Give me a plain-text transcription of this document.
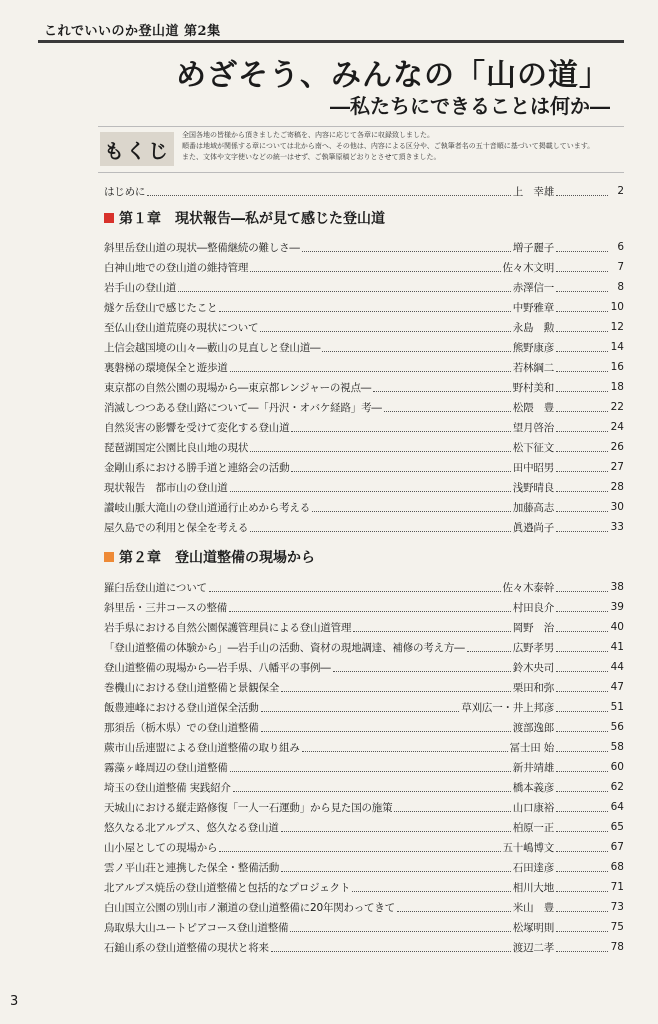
これでいいのか登山道 第2集
めざそう、みんなの「山の道」
―私たちにできることは何か―
もくじ
全国各地の皆様から頂きましたご寄稿を、内容に応じて各章に収録致しました。
順番は地域が関係する章については北から南へ、その他は、内容による区分や、ご執筆者名の五十音順に基づいて掲載しています。
また、文体や文字使いなどの統一はせず、ご執筆原稿どおりとさせて頂きました。
はじめに	上　幸雄	2
第１章 現状報告―私が見て感じた登山道
斜里岳登山道の現状―整備継続の難しさ―	増子麗子	6
白神山地での登山道の維持管理	佐々木文明	7
岩手山の登山道	赤澤信一	8
燧ケ岳登山で感じたこと	中野雅章	10
至仏山登山道荒廃の現状について	永島　勲	12
上信会越国境の山々―藪山の見直しと登山道―	熊野康彦	14
裏磐梯の環境保全と遊歩道	若林綱二	16
東京都の自然公園の現場から―東京都レンジャーの視点―	野村美和	18
消滅しつつある登山路について―「丹沢・オバケ経路」考―	松隈　豊	22
自然災害の影響を受けて変化する登山道	望月啓治	24
琵琶湖国定公園比良山地の現状	松下征文	26
金剛山系における勝手道と連絡会の活動	田中昭男	27
現状報告　都市山の登山道	浅野晴良	28
讃岐山脈大滝山の登山道通行止めから考える	加藤高志	30
屋久島での利用と保全を考える	眞邉尚子	33
第２章 登山道整備の現場から
羅臼岳登山道について	佐々木泰幹	38
斜里岳・三井コースの整備	村田良介	39
岩手県における自然公園保護管理員による登山道管理	岡野　治	40
「登山道整備の体験から」―岩手山の活動、資材の現地調達、補修の考え方―	広野孝男	41
登山道整備の現場から―岩手県、八幡平の事例―	鈴木央司	44
巻機山における登山道整備と景観保全	栗田和弥	47
飯豊連峰における登山道保全活動	草刈広一・井上邦彦	51
那須岳（栃木県）での登山道整備	渡部逸郎	56
蕨市山岳連盟による登山道整備の取り組み	冨士田 始	58
霧藻ヶ峰周辺の登山道整備	新井靖雄	60
埼玉の登山道整備 実践紹介	橋本義彦	62
天城山における縦走路修復「一人一石運動」から見た国の施策	山口康裕	64
悠久なる北アルプス、悠久なる登山道	柏原一正	65
山小屋としての現場から	五十嶋博文	67
雲ノ平山荘と連携した保全・整備活動	石田達彦	68
北アルプス焼岳の登山道整備と包括的なプロジェクト	相川大地	71
白山国立公園の別山市ノ瀬道の登山道整備に20年関わってきて	米山　豊	73
鳥取県大山ユートピアコース登山道整備	松塚明則	75
石鎚山系の登山道整備の現状と将来	渡辺二孝	78
3
